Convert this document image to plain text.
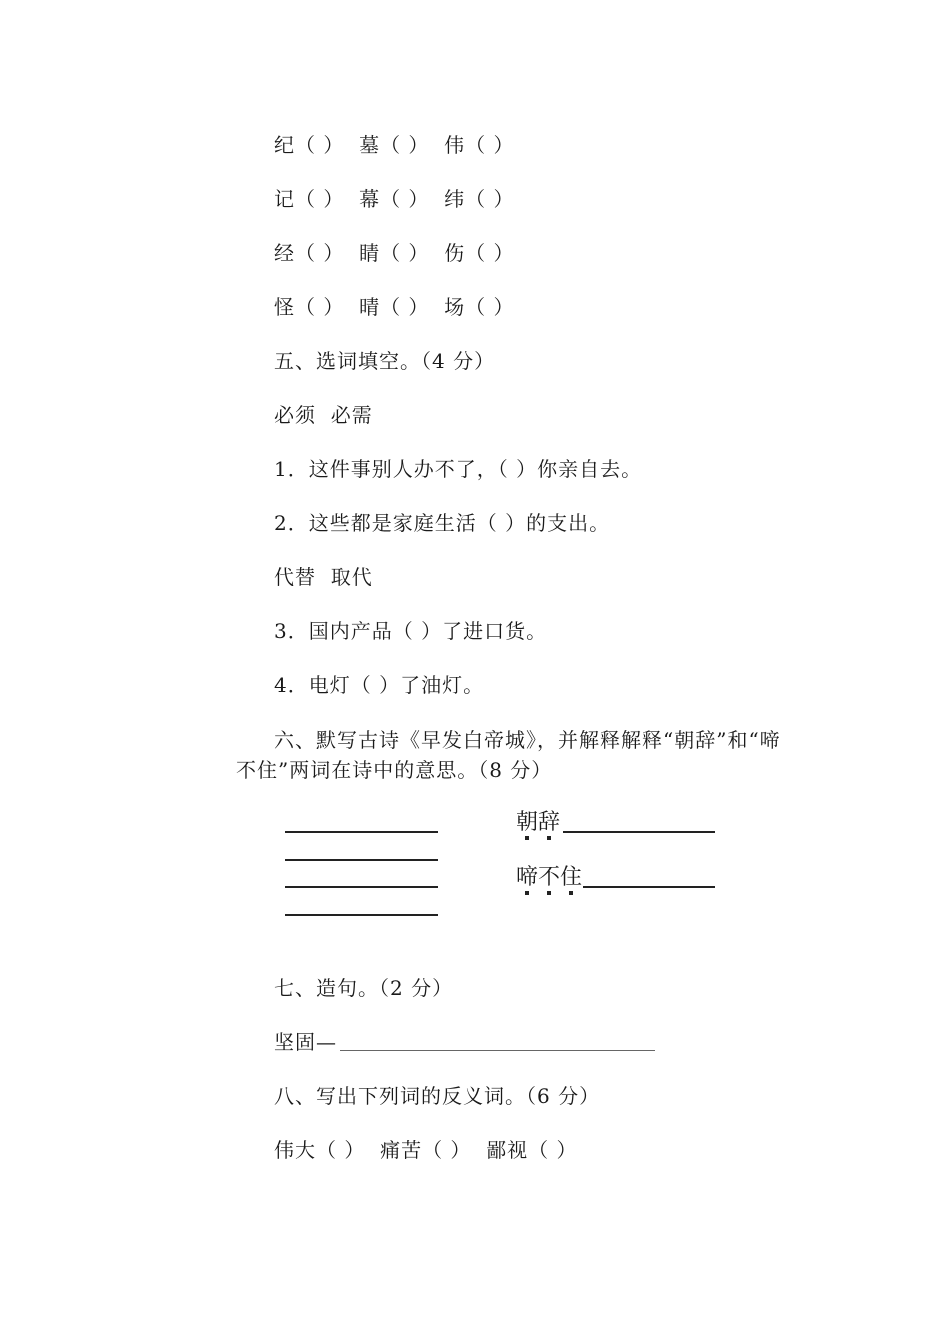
纪（ ）  墓（ ）  伟（ ）
记（ ）  幕（ ）  纬（ ）
经（ ）  睛（ ）  伤（ ）
怪（ ）  晴（ ）  场（ ）
五、选词填空。（4 分）
必须  必需
1．这件事别人办不了，（ ）你亲自去。
2．这些都是家庭生活（ ）的支出。
代替  取代
3．国内产品（ ）了进口货。
4．电灯（ ）了油灯。
六、默写古诗《早发白帝城》，并解释解释“朝辞”和“啼不住”两词在诗中的意思。（8 分）
朝辞
啼不住
七、造句。（2 分）
坚固—
八、写出下列词的反义词。（6 分）
伟大（ ）  痛苦（ ）  鄙视（ ）
